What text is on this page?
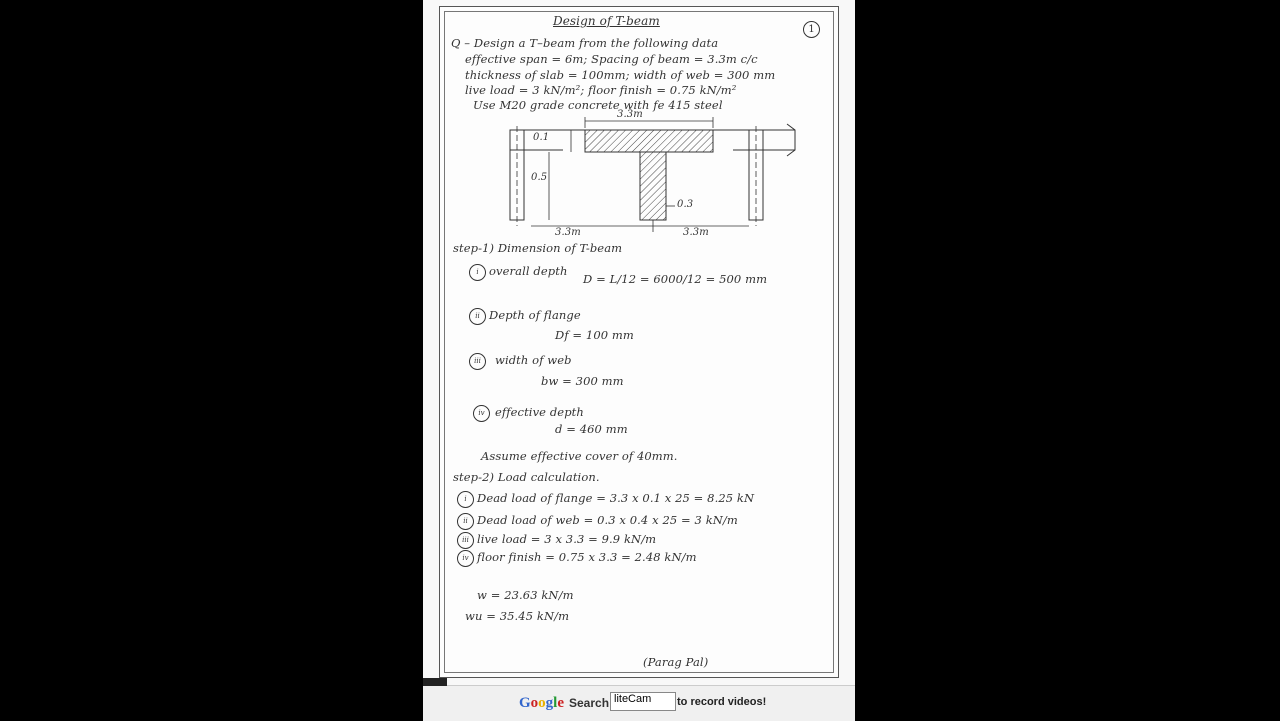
Design of T-beam
1
Q – Design a T–beam from the following data
effective span = 6m; Spacing of beam = 3.3m c/c
thickness of slab = 100mm; width of web = 300 mm
live load = 3 kN/m²; floor finish = 0.75 kN/m²
Use M20 grade concrete with fe 415 steel
3.3m
0.1
0.5
0.3
3.3m	3.3m
step-1) Dimension of T-beam
i overall depth
D = L/12 = 6000/12 = 500 mm
ii Depth of flange
Df = 100 mm
iii	width of web
bw = 300 mm
iv effective depth
d = 460 mm
Assume effective cover of 40mm.
step-2) Load calculation.
i Dead load of flange = 3.3 x 0.1 x 25 = 8.25 kN
ii Dead load of web = 0.3 x 0.4 x 25 = 3 kN/m
iii live load = 3 x 3.3 = 9.9 kN/m
iv floor finish = 0.75 x 3.3 = 2.48 kN/m
w = 23.63 kN/m
wu = 35.45 kN/m
(Parag Pal)
Google Search liteCam	to record videos!
